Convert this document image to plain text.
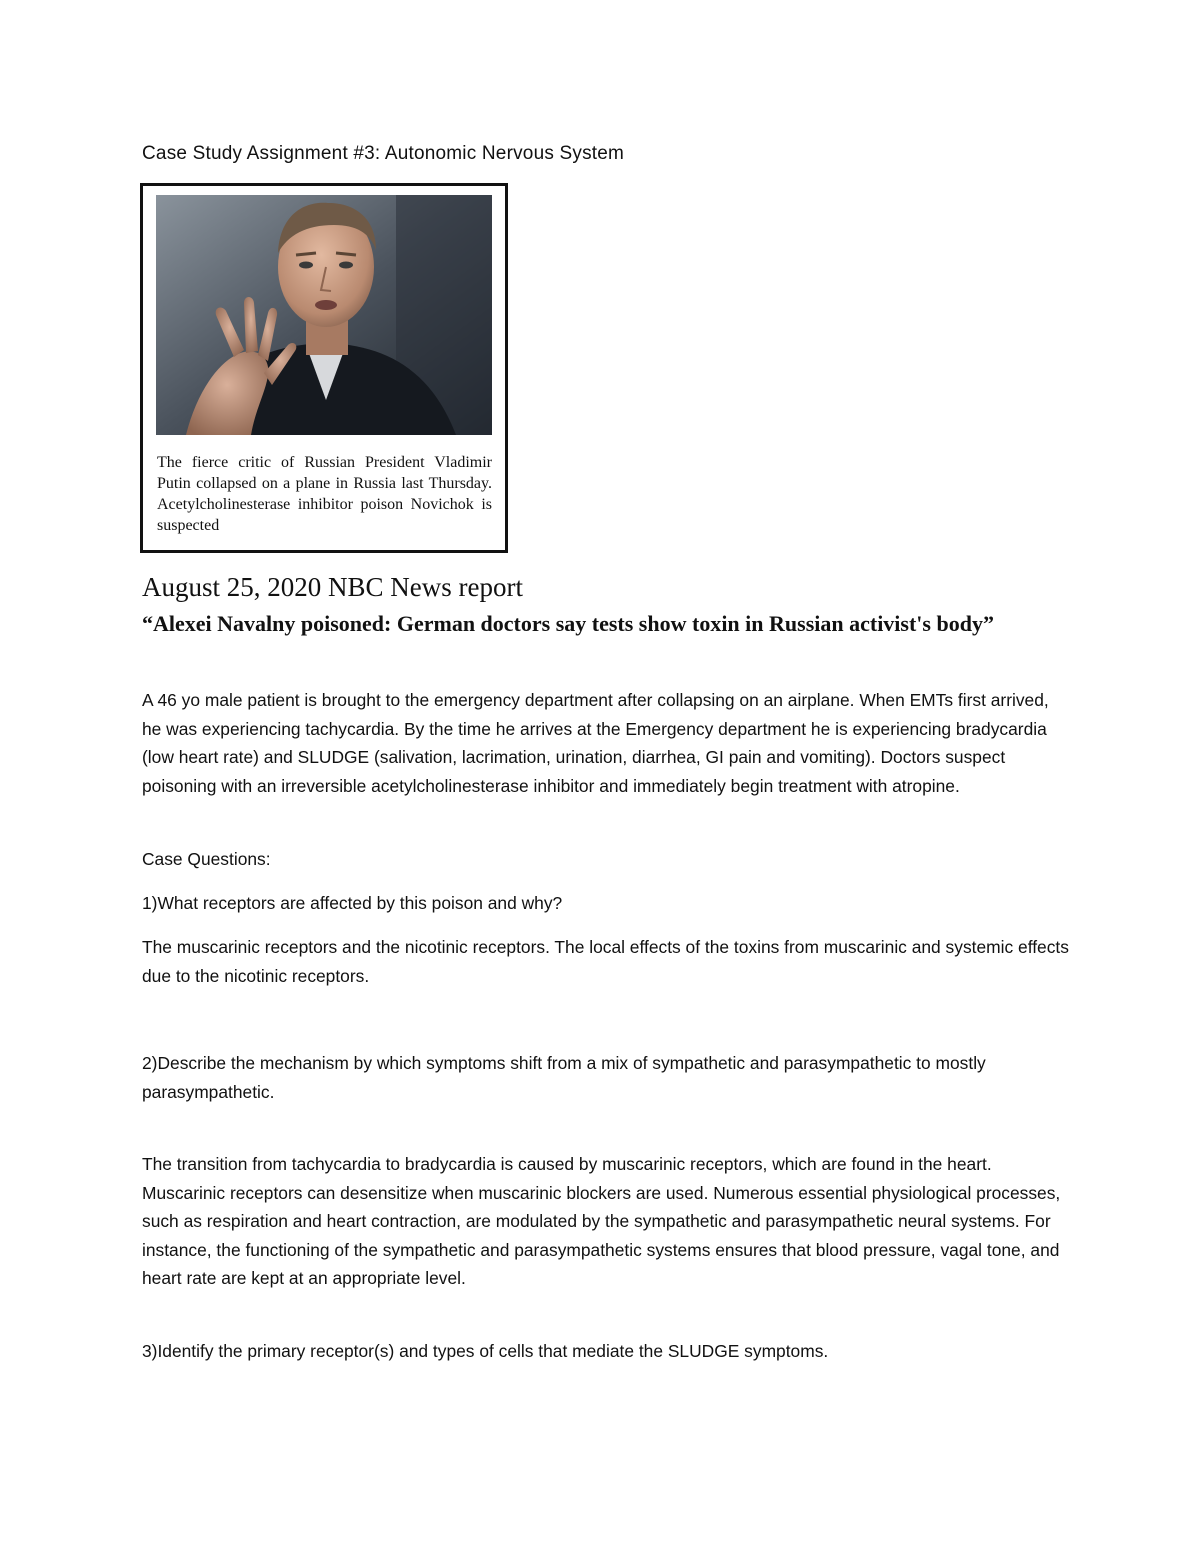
Case Study Assignment #3: Autonomic Nervous System
The fierce critic of Russian President Vladimir Putin collapsed on a plane in Russia last Thursday. Acetylcholinesterase inhibitor poison Novichok is suspected
August 25, 2020 NBC News report
“Alexei Navalny poisoned: German doctors say tests show toxin in Russian activist's body”
A 46 yo male patient is brought to the emergency department after collapsing on an airplane. When EMTs first arrived, he was experiencing tachycardia. By the time he arrives at the Emergency department he is experiencing bradycardia (low heart rate) and SLUDGE (salivation, lacrimation, urination, diarrhea, GI pain and vomiting). Doctors suspect poisoning with an irreversible acetylcholinesterase inhibitor and immediately begin treatment with atropine.
Case Questions:
1)What receptors are affected by this poison and why?
The muscarinic receptors and the nicotinic receptors. The local effects of the toxins from muscarinic and systemic effects due to the nicotinic receptors.
2)Describe the mechanism by which symptoms shift from a mix of sympathetic and parasympathetic to mostly parasympathetic.
The transition from tachycardia to bradycardia is caused by muscarinic receptors, which are found in the heart. Muscarinic receptors can desensitize when muscarinic blockers are used. Numerous essential physiological processes, such as respiration and heart contraction, are modulated by the sympathetic and parasympathetic neural systems. For instance, the functioning of the sympathetic and parasympathetic systems ensures that blood pressure, vagal tone, and heart rate are kept at an appropriate level.
3)Identify the primary receptor(s) and types of cells that mediate the SLUDGE symptoms.
